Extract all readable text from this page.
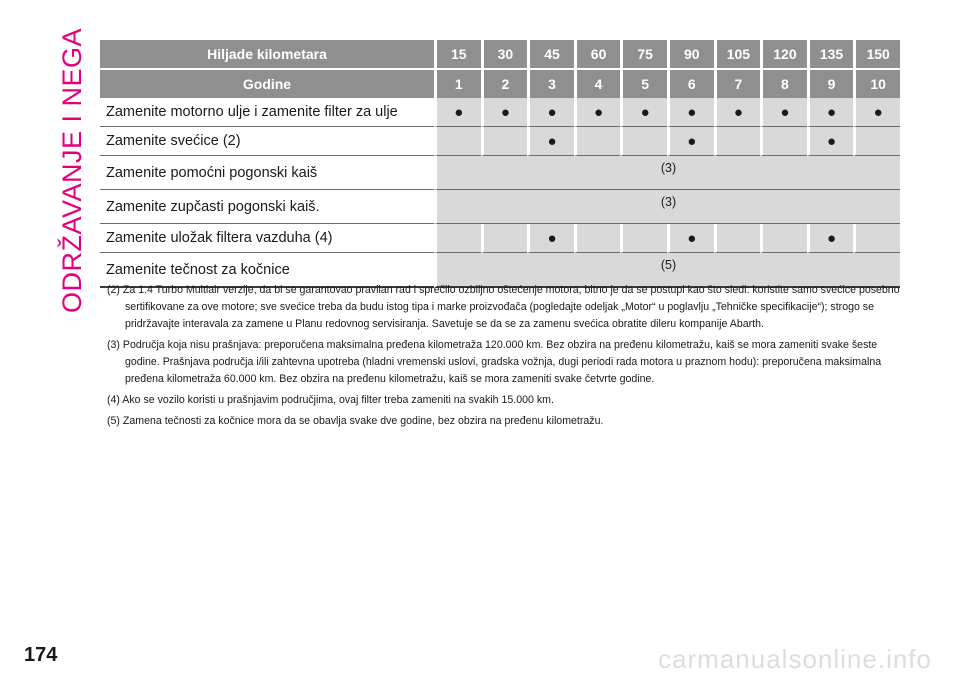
ODRŽAVANJE I NEGA	Hiljade kilometara	15	30	45	60	75	90	105	120	135	150
Godine	1	2	3	4	5	6	7	8	9	10
Zamenite motorno ulje i zamenite filter za ulje	●	●	●	●	●	●	●	●	●	●
Zamenite svećice (2)			●			●			●	
Zamenite pomoćni pogonski kaiš	(3)									
Zamenite zupčasti pogonski kaiš.	(3)									
Zamenite uložak filtera vazduha (4)			●			●			●	
Zamenite tečnost za kočnice	(5)									

(2) Za 1.4 Turbo Multiair verzije, da bi se garantovao pravilan rad i sprečilo ozbiljno oštećenje motora, bitno je da se postupi kao što sledi: koristite samo svećice posebno sertifikovane za ove motore; sve svećice treba da budu istog tipa i marke proizvođača (pogledajte odeljak „Motor“ u poglavlju „Tehničke specifikacije“); strogo se pridržavajte interavala za zamene u Planu redovnog servisiranja. Savetuje se da se za zamenu svećica obratite dileru kompanije Abarth.

(3) Područja koja nisu prašnjava: preporučena maksimalna pređena kilometraža 120.000 km. Bez obzira na pređenu kilometražu, kaiš se mora zameniti svake šeste godine. Prašnjava područja i/ili zahtevna upotreba (hladni vremenski uslovi, gradska vožnja, dugi periodi rada motora u praznom hodu): preporučena maksimalna pređena kilometraža 60.000 km. Bez obzira na pređenu kilometražu, kaiš se mora zameniti svake četvrte godine.

(4) Ako se vozilo koristi u prašnjavim područjima, ovaj filter treba zameniti na svakih 15.000 km.

(5) Zamena tečnosti za kočnice mora da se obavlja svake dve godine, bez obzira na pređenu kilometražu.

174	carmanualsonline.info
